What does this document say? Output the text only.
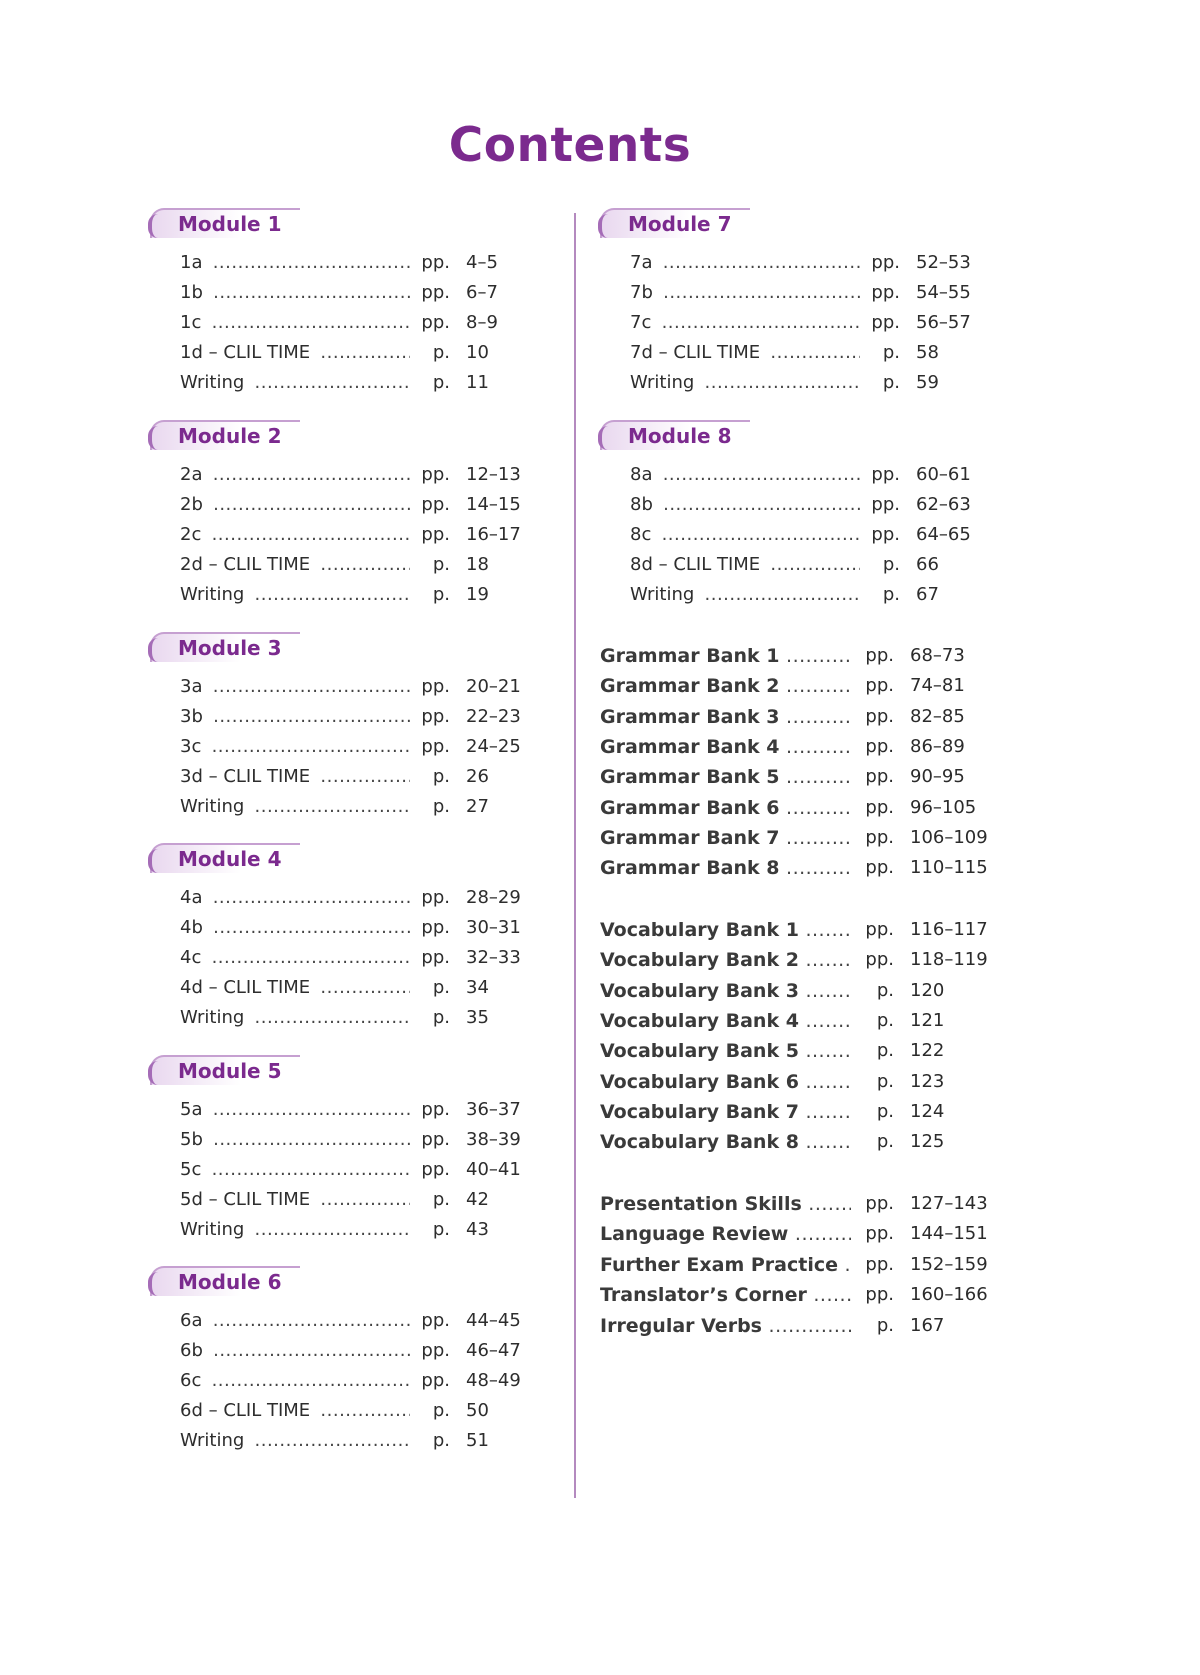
Contents
Module 1
1a .....	pp. 4–5
1b .....	pp. 6–7
1c .....	pp. 8–9
1d – CLIL TIME .....	p. 10
Writing .....	p. 11
Module 2
2a .....	pp. 12–13
2b .....	pp. 14–15
2c .....	pp. 16–17
2d – CLIL TIME .....	p. 18
Writing .....	p. 19
Module 3
3a .....	pp. 20–21
3b .....	pp. 22–23
3c .....	pp. 24–25
3d – CLIL TIME .....	p. 26
Writing .....	p. 27
Module 4
4a .....	pp. 28–29
4b .....	pp. 30–31
4c .....	pp. 32–33
4d – CLIL TIME .....	p. 34
Writing .....	p. 35
Module 5
5a .....	pp. 36–37
5b .....	pp. 38–39
5c .....	pp. 40–41
5d – CLIL TIME .....	p. 42
Writing .....	p. 43
Module 6
6a .....	pp. 44–45
6b .....	pp. 46–47
6c .....	pp. 48–49
6d – CLIL TIME .....	p. 50
Writing .....	p. 51
Module 7
7a .....	pp. 52–53
7b .....	pp. 54–55
7c .....	pp. 56–57
7d – CLIL TIME .....	p. 58
Writing .....	p. 59
Module 8
8a .....	pp. 60–61
8b .....	pp. 62–63
8c .....	pp. 64–65
8d – CLIL TIME .....	p. 66
Writing .....	p. 67
Grammar Bank 1 .....	pp. 68–73
Grammar Bank 2 .....	pp. 74–81
Grammar Bank 3 .....	pp. 82–85
Grammar Bank 4 .....	pp. 86–89
Grammar Bank 5 .....	pp. 90–95
Grammar Bank 6 .....	pp. 96–105
Grammar Bank 7 .....	pp. 106–109
Grammar Bank 8 .....	pp. 110–115
Vocabulary Bank 1 .....	pp. 116–117
Vocabulary Bank 2 .....	pp. 118–119
Vocabulary Bank 3 .....	p. 120
Vocabulary Bank 4 .....	p. 121
Vocabulary Bank 5 .....	p. 122
Vocabulary Bank 6 .....	p. 123
Vocabulary Bank 7 .....	p. 124
Vocabulary Bank 8 .....	p. 125
Presentation Skills .....	pp. 127–143
Language Review .....	pp. 144–151
Further Exam Practice .....	pp. 152–159
Translator’s Corner .....	pp. 160–166
Irregular Verbs .....	p. 167
